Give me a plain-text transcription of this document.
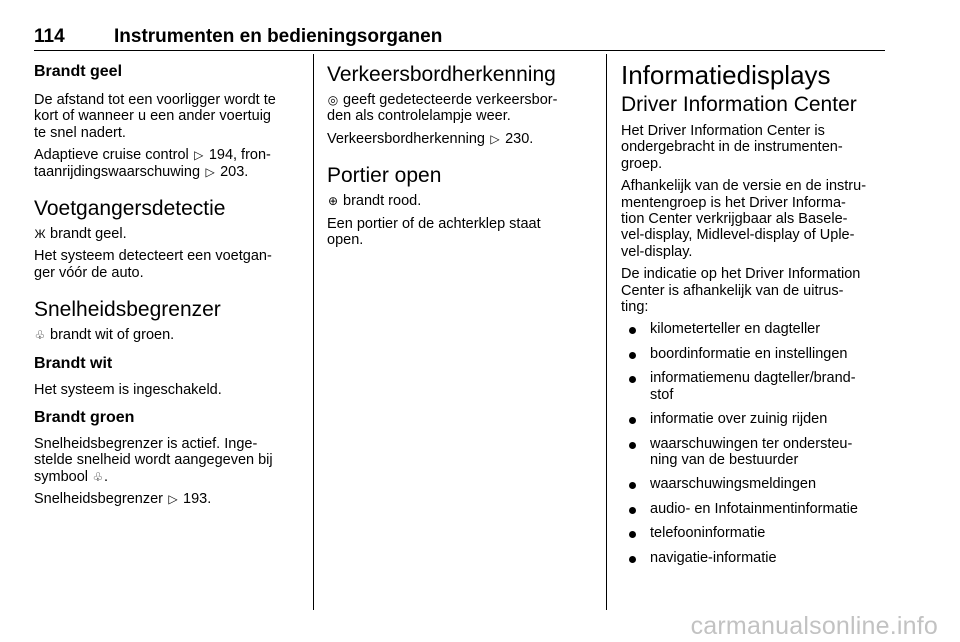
114	Instrumenten en bedieningsorganen
Brandt geel
De afstand tot een voorligger wordt te
kort of wanneer u een ander voertuig
te snel nadert.
Adaptieve cruise control ▷ 194, fron-
taanrijdingswaarschuwing ▷ 203.
Voetgangersdetectie
Ж brandt geel.
Het systeem detecteert een voetgan-
ger vóór de auto.
Snelheidsbegrenzer
♧ brandt wit of groen.
Brandt wit
Het systeem is ingeschakeld.
Brandt groen
Snelheidsbegrenzer is actief. Inge-
stelde snelheid wordt aangegeven bij
symbool ♧.
Snelheidsbegrenzer ▷ 193.
Verkeersbordherkenning
◎ geeft gedetecteerde verkeersbor-
den als controlelampje weer.
Verkeersbordherkenning ▷ 230.
Portier open
⊕ brandt rood.
Een portier of de achterklep staat
open.
Informatiedisplays
Driver Information Center
Het Driver Information Center is
ondergebracht in de instrumenten-
groep.
Afhankelijk van de versie en de instru-
mentengroep is het Driver Informa-
tion Center verkrijgbaar als Basele-
vel-display, Midlevel-display of Uple-
vel-display.
De indicatie op het Driver Information
Center is afhankelijk van de uitrus-
ting:
kilometerteller en dagteller
boordinformatie en instellingen
informatiemenu dagteller/brand-
stof
informatie over zuinig rijden
waarschuwingen ter ondersteu-
ning van de bestuurder
waarschuwingsmeldingen
audio- en Infotainmentinformatie
telefooninformatie
navigatie-informatie
carmanualsonline.info
